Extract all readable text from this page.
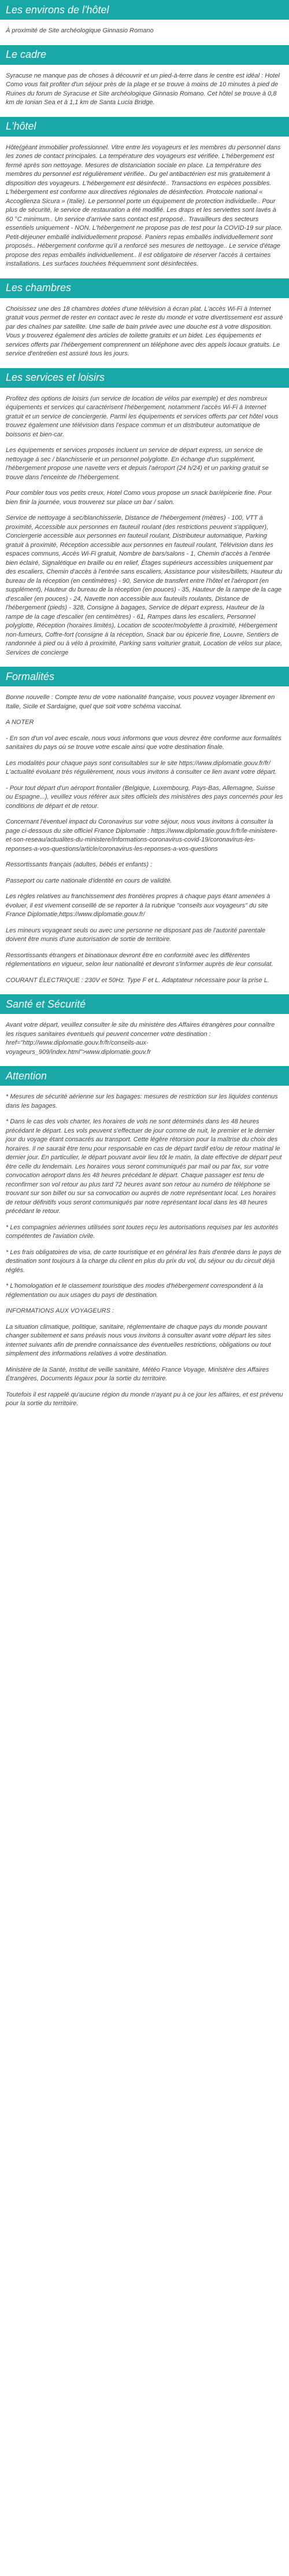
Les environs de l'hôtel

À proximité de Site archéologique Ginnasio Romano

Le cadre

Syracuse ne manque pas de choses à découvrir et un pied-à-terre dans le centre est idéal : Hotel Como vous fait profiter d'un séjour près de la plage et se trouve à moins de 10 minutes à pied de Ruines du forum de Syracuse et Site archéologique Ginnasio Romano. Cet hôtel se trouve à 0,8 km de Ionian Sea et à 1,1 km de Santa Lucia Bridge.

L'hôtel

Hôte(géant immobilier professionnel. Vitre entre les voyageurs et les membres du personnel dans les zones de contact principales. La température des voyageurs est vérifiée. L'hébergement est fermé après son nettoyage. Mesures de distanciation sociale en place. La température des membres du personnel est régulièrement vérifiée.. Du gel antibactérien est mis gratuitement à disposition des voyageurs. L'hébergement est désinfecté.. Transactions en espèces possibles. L'hébergement est conforme aux directives régionales de désinfection. Protocole national « Accoglienza Sicura » (Italie). Le personnel porte un équipement de protection individuelle.. Pour plus de sécurité, le service de restauration a été modifié. Les draps et les serviettes sont lavés à 60 °C minimum.. Un service d'arrivée sans contact est proposé.. Travailleurs des secteurs essentiels uniquement - NON. L'hébergement ne propose pas de test pour la COVID-19 sur place. Petit-déjeuner emballé individuellement proposé. Paniers repas emballés individuellement sont proposés.. Hébergement conforme qu'il a renforcé ses mesures de nettoyage.. Le service d'étage propose des repas emballés individuellement.. Il est obligatoire de réserver l'accès à certaines installations. Les surfaces touchées fréquemment sont désinfectées.

Les chambres

Choisissez une des 18 chambres dotées d'une télévision à écran plat. L'accès Wi-Fi à Internet gratuit vous permet de rester en contact avec le reste du monde et votre divertissement est assuré par des chaînes par satellite. Une salle de bain privée avec une douche est à votre disposition. Vous y trouverez également des articles de toilette gratuits et un bidet. Les équipements et services offerts par l'hébergement comprennent un téléphone avec des appels locaux gratuits. Le service d'entretien est assuré tous les jours.

Les services et loisirs

Profitez des options de loisirs (un service de location de vélos par exemple) et des nombreux équipements et services qui caractérisent l'hébergement, notamment l'accès Wi-Fi à Internet gratuit et un service de conciergerie. Parmi les équipements et services offerts par cet hôtel vous trouvez également une télévision dans l'espace commun et un distributeur automatique de boissons et bien-car.

Les équipements et services proposés incluent un service de départ express, un service de nettoyage à sec / blanchisserie et un personnel polyglotte. En échange d'un supplément, l'hébergement propose une navette vers et depuis l'aéroport (24 h/24) et un parking gratuit se trouve dans l'enceinte de l'hébergement.

Pour combler tous vos petits creux, Hotel Como vous propose un snack bar/épicerie fine. Pour bien finir la journée, vous trouverez sur place un bar / salon.

Service de nettoyage à sec/blanchisserie, Distance de l'hébergement (mètres) - 100, VTT à proximité, Accessible aux personnes en fauteuil roulant (des restrictions peuvent s'appliquer), Conciergerie accessible aux personnes en fauteuil roulant, Distributeur automatique, Parking gratuit à proximité, Réception accessible aux personnes en fauteuil roulant, Télévision dans les espaces communs, Accès Wi-Fi gratuit, Nombre de bars/salons - 1, Chemin d'accès à l'entrée bien éclairé, Signalétique en braille ou en relief, Étages supérieurs accessibles uniquement par des escaliers, Chemin d'accès à l'entrée sans escaliers, Assistance pour visites/billets, Hauteur du bureau de la réception (en centimètres) - 90, Service de transfert entre l'hôtel et l'aéroport (en supplément), Hauteur du bureau de la réception (en pouces) - 35, Hauteur de la rampe de la cage d'escalier (en pouces) - 24, Navette non accessible aux fauteuils roulants, Distance de l'hébergement (pieds) - 328, Consigne à bagages, Service de départ express, Hauteur de la rampe de la cage d'escalier (en centimètres) - 61, Rampes dans les escaliers, Personnel polyglotte, Réception (horaires limités), Location de scooter/mobylette à proximité, Hébergement non-fumeurs, Coffre-fort (consigne à la réception, Snack bar ou épicerie fine, Louvre, Sentiers de randonnée à pied ou à vélo à proximité, Parking sans voiturier gratuit, Location de vélos sur place, Services de concierge

Formalités

Bonne nouvelle : Compte tenu de votre nationalité française, vous pouvez voyager librement en Italie, Sicile et Sardaigne, quel que soit votre schéma vaccinal.

A NOTER

- En son d'un vol avec escale, nous vous informons que vous devrez être conforme aux formalités sanitaires du pays où se trouve votre escale ainsi que votre destination finale.

Les modalités pour chaque pays sont consultables sur le site https://www.diplomatie.gouv.fr/fr/ L'actualité évoluant très régulièrement, nous vous invitons à consulter ce lien avant votre départ.

- Pour tout départ d'un aéroport frontalier (Belgique, Luxembourg, Pays-Bas, Allemagne, Suisse ou Espagne...), veuillez vous référer aux sites officiels des ministères des pays concernés pour les conditions de départ et de retour.

Concernant l'éventuel impact du Coronavirus sur votre séjour, nous vous invitons à consulter la page ci-dessous du site officiel France Diplomatie : https://www.diplomatie.gouv.fr/fr/le-ministere-et-son-reseau/actualites-du-ministere/informations-coronavirus-covid-19/coronavirus-les-reponses-a-vos-questions/article/coronavirus-les-reponses-a-vos-questions

Ressortissants français (adultes, bébés et enfants) :

Passeport ou carte nationale d'identité en cours de validité.

Les règles relatives au franchissement des frontières propres à chaque pays étant amenées à évoluer, il est vivement conseillé de se reporter à la rubrique "conseils aux voyageurs" du site France Diplomatie,https://www.diplomatie.gouv.fr/

Les mineurs voyageant seuls ou avec une personne ne disposant pas de l'autorité parentale doivent être munis d'une autorisation de sortie de territoire.

Ressortissants étrangers et binationaux devront être en conformité avec les différentes réglementations en vigueur, selon leur nationalité et devront s'informer auprès de leur consulat.

COURANT ÉLECTRIQUE : 230V et 50Hz. Type F et L. Adaptateur nécessaire pour la prise L.

Santé et Sécurité

Avant votre départ, veuillez consulter le site du ministère des Affaires étrangères pour connaître les risques sanitaires éventuels qui peuvent concerner votre destination : href="http://www.diplomatie.gouv.fr/fr/conseils-aux-voyageurs_909/index.html">www.diplomatie.gouv.fr

Attention

* Mesures de sécurité aérienne sur les bagages: mesures de restriction sur les liquides contenus dans les bagages.

* Dans le cas des vols charter, les horaires de vols ne sont déterminés dans les 48 heures précédant le départ. Les vols peuvent s'effectuer de jour comme de nuit, le premier et le dernier jour du voyage étant consacrés au transport. Cette légère rétorsion pour la maîtrise du choix des horaires. Il ne saurait être tenu pour responsable en cas de départ tardif et/ou de retour matinal le dernier jour. En particulier, le départ pouvant avoir lieu tôt le matin, la date effective de départ peut être celle du lendemain. Les horaires vous seront communiqués par mail ou par fax, sur votre convocation aéroport dans les 48 heures précédant le départ. Chaque passager est tenu de reconfirmer son vol retour au plus tard 72 heures avant son retour au numéro de téléphone se trouvant sur son billet ou sur sa convocation ou auprès de notre représentant local. Les horaires de retour définitifs vous seront communiqués par notre représentant local dans les 48 heures précédant le retour.

* Les compagnies aériennes utilisées sont toutes reçu les autorisations requises par les autorités compétentes de l'aviation civile.

* Les frais obligatoires de visa, de carte touristique et en général les frais d'entrée dans le pays de destination sont toujours à la charge du client en plus du prix du vol, du séjour ou du circuit déjà réglés.

* L'homologation et le classement touristique des modes d'hébergement correspondent à la réglementation ou aux usages du pays de destination.

INFORMATIONS AUX VOYAGEURS :

La situation climatique, politique, sanitaire, réglementaire de chaque pays du monde pouvant changer subitement et sans préavis nous vous invitons à consulter avant votre départ les sites internet suivants afin de prendre connaissance des éventuelles restrictions, obligations ou tout simplement des informations relatives à votre destination.

Ministère de la Santé, Institut de veille sanitaire, Météo France Voyage, Ministère des Affaires Étrangères, Documents légaux pour la sortie du territoire.

Toutefois il est rappelé qu'aucune région du monde n'ayant pu à ce jour les affaires, et est prévenu pour la sortie du territoire.
